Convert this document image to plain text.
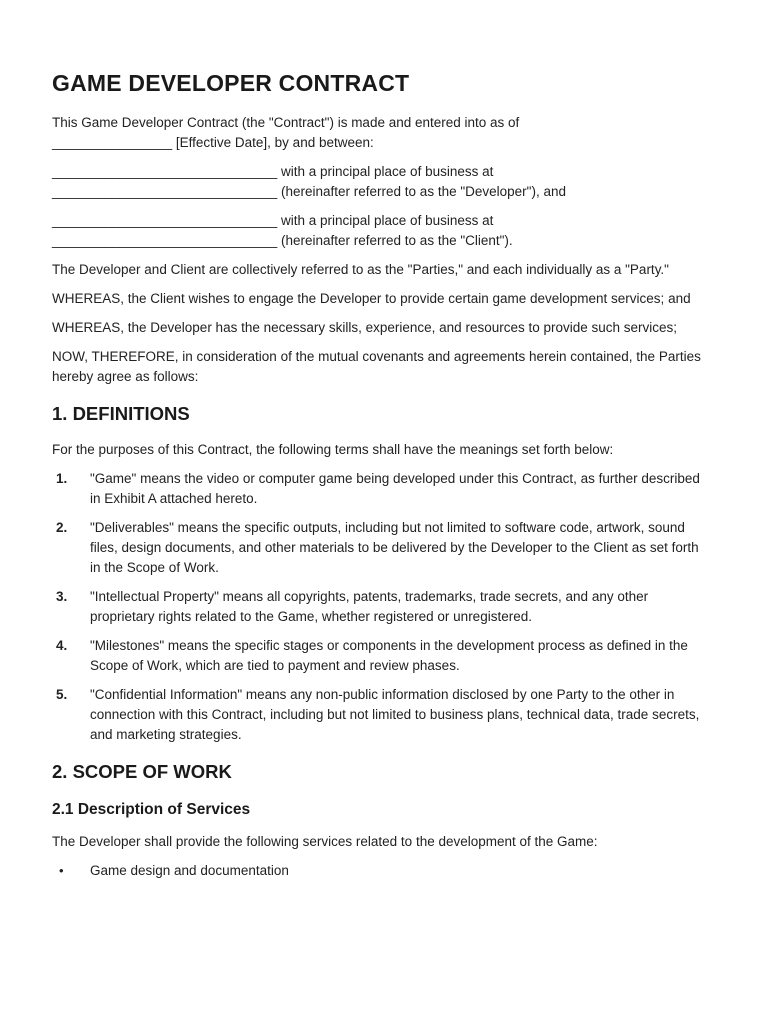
GAME DEVELOPER CONTRACT

This Game Developer Contract (the "Contract") is made and entered into as of
________________ [Effective Date], by and between:

______________________________ with a principal place of business at
______________________________ (hereinafter referred to as the "Developer"), and
______________________________ with a principal place of business at
______________________________ (hereinafter referred to as the "Client").

The Developer and Client are collectively referred to as the "Parties," and each individually as a "Party."

WHEREAS, the Client wishes to engage the Developer to provide certain game development services; and

WHEREAS, the Developer has the necessary skills, experience, and resources to provide such services;

NOW, THEREFORE, in consideration of the mutual covenants and agreements herein contained, the Parties hereby agree as follows:

1. DEFINITIONS

For the purposes of this Contract, the following terms shall have the meanings set forth below:

1.	"Game" means the video or computer game being developed under this Contract, as further described in Exhibit A attached hereto.
2.	"Deliverables" means the specific outputs, including but not limited to software code, artwork, sound files, design documents, and other materials to be delivered by the Developer to the Client as set forth in the Scope of Work.
3.	"Intellectual Property" means all copyrights, patents, trademarks, trade secrets, and any other proprietary rights related to the Game, whether registered or unregistered.
4.	"Milestones" means the specific stages or components in the development process as defined in the Scope of Work, which are tied to payment and review phases.
5.	"Confidential Information" means any non-public information disclosed by one Party to the other in connection with this Contract, including but not limited to business plans, technical data, trade secrets, and marketing strategies.
2. SCOPE OF WORK
2.1 Description of Services

The Developer shall provide the following services related to the development of the Game:

•	Game design and documentation
